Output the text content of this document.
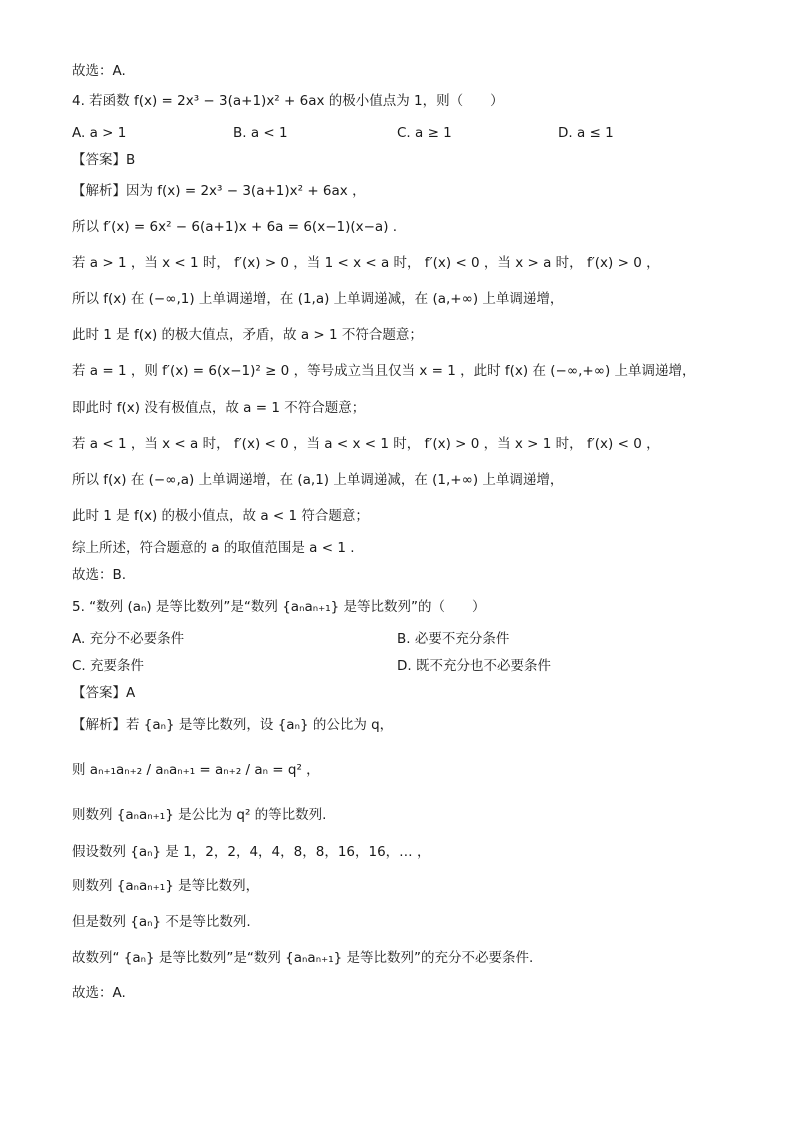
故选：A.
4. 若函数 f(x) = 2x³ − 3(a+1)x² + 6ax 的极小值点为 1，则（　　）
A. a > 1	B. a < 1	C. a ≥ 1	D. a ≤ 1
【答案】B
【解析】因为 f(x) = 2x³ − 3(a+1)x² + 6ax ，
所以 f′(x) = 6x² − 6(a+1)x + 6a = 6(x−1)(x−a) .
若 a > 1 ，当 x < 1 时， f′(x) > 0 ，当 1 < x < a 时， f′(x) < 0 ，当 x > a 时， f′(x) > 0 ，
所以 f(x) 在 (−∞,1) 上单调递增，在 (1,a) 上单调递减，在 (a,+∞) 上单调递增，
此时 1 是 f(x) 的极大值点，矛盾，故 a > 1 不符合题意；
若 a = 1 ，则 f′(x) = 6(x−1)² ≥ 0 ，等号成立当且仅当 x = 1 ，此时 f(x) 在 (−∞,+∞) 上单调递增，
即此时 f(x) 没有极值点，故 a = 1 不符合题意；
若 a < 1 ，当 x < a 时， f′(x) < 0 ，当 a < x < 1 时， f′(x) > 0 ，当 x > 1 时， f′(x) < 0 ，
所以 f(x) 在 (−∞,a) 上单调递增，在 (a,1) 上单调递减，在 (1,+∞) 上单调递增，
此时 1 是 f(x) 的极小值点，故 a < 1 符合题意；
综上所述，符合题意的 a 的取值范围是 a < 1 .
故选：B.
5. “数列 (aₙ) 是等比数列”是“数列 {aₙaₙ₊₁} 是等比数列”的（　　）
A. 充分不必要条件	B. 必要不充分条件
C. 充要条件	D. 既不充分也不必要条件
【答案】A
【解析】若 {aₙ} 是等比数列，设 {aₙ} 的公比为 q，
则 aₙ₊₁aₙ₊₂ / aₙaₙ₊₁ = aₙ₊₂ / aₙ = q² ，
则数列 {aₙaₙ₊₁} 是公比为 q² 的等比数列.
假设数列 {aₙ} 是 1，2，2，4，4，8，8，16，16，… ，
则数列 {aₙaₙ₊₁} 是等比数列，
但是数列 {aₙ} 不是等比数列.
故数列“ {aₙ} 是等比数列”是“数列 {aₙaₙ₊₁} 是等比数列”的充分不必要条件.
故选：A.
